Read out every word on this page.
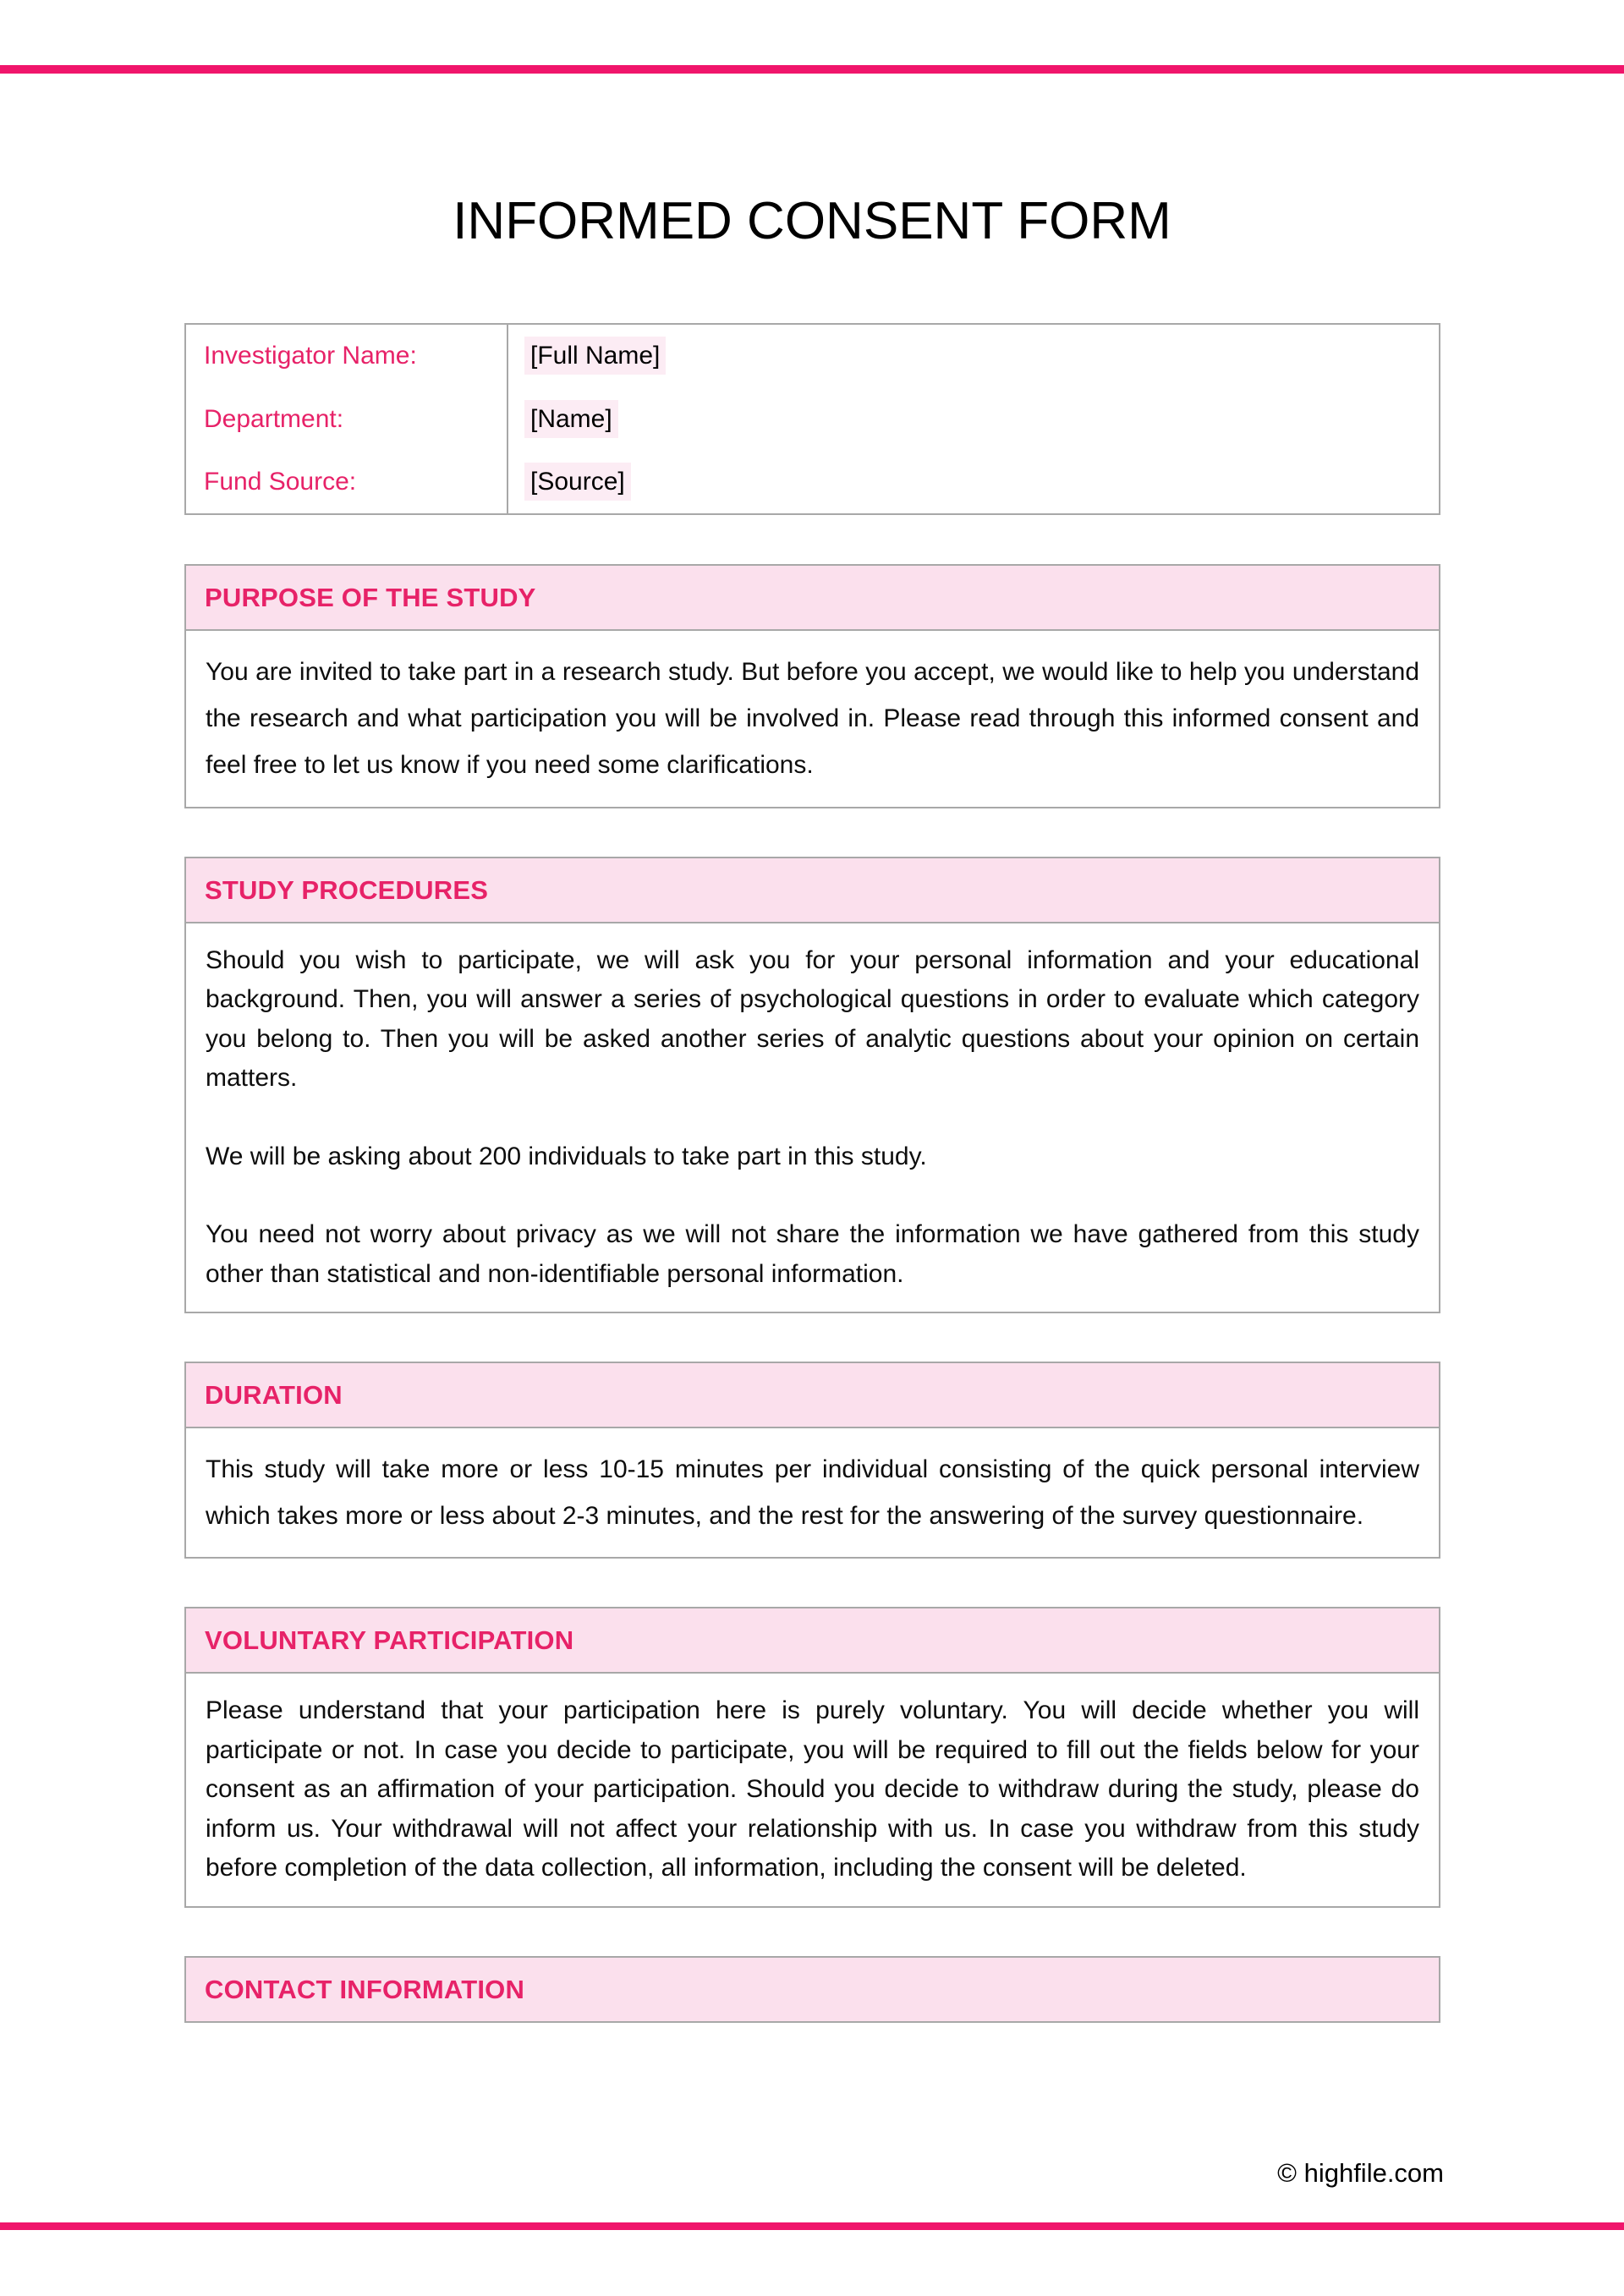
INFORMED CONSENT FORM
Investigator Name:	[Full Name]
Department:	[Name]
Fund Source:	[Source]
PURPOSE OF THE STUDY

You are invited to take part in a research study. But before you accept, we would like to help you understand the research and what participation you will be involved in. Please read through this informed consent and feel free to let us know if you need some clarifications.

STUDY PROCEDURES

Should you wish to participate, we will ask you for your personal information and your educational background. Then, you will answer a series of psychological questions in order to evaluate which category you belong to. Then you will be asked another series of analytic questions about your opinion on certain matters.

We will be asking about 200 individuals to take part in this study.

You need not worry about privacy as we will not share the information we have gathered from this study other than statistical and non-identifiable personal information.

DURATION

This study will take more or less 10-15 minutes per individual consisting of the quick personal interview which takes more or less about 2-3 minutes, and the rest for the answering of the survey questionnaire.

VOLUNTARY PARTICIPATION

Please understand that your participation here is purely voluntary. You will decide whether you will participate or not. In case you decide to participate, you will be required to fill out the fields below for your consent as an affirmation of your participation. Should you decide to withdraw during the study, please do inform us. Your withdrawal will not affect your relationship with us. In case you withdraw from this study before completion of the data collection, all information, including the consent will be deleted.

CONTACT INFORMATION
© highfile.com
